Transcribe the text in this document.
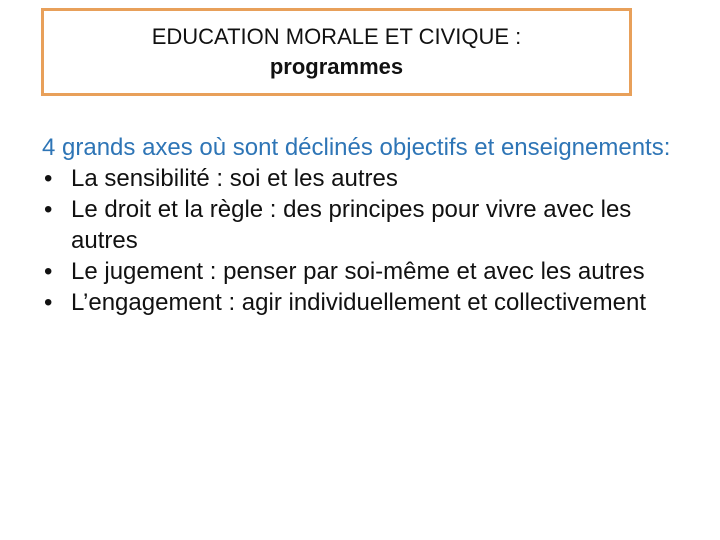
EDUCATION MORALE ET CIVIQUE :
programmes

4 grands axes où sont déclinés objectifs et enseignements:

• La sensibilité : soi et les autres
• Le droit et la règle : des principes pour vivre avec les autres
• Le jugement : penser par soi-même et avec les autres
• L’engagement : agir individuellement et collectivement
